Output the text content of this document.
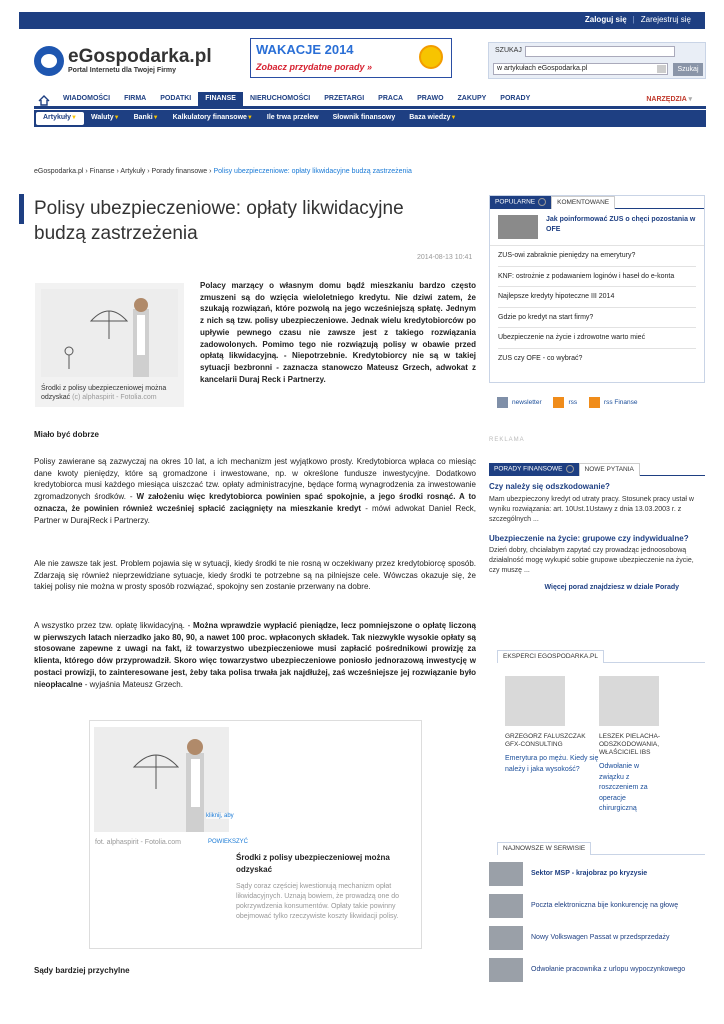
Zaloguj się | Zarejestruj się
eGospodarka.pl
Portal Internetu dla Twojej Firmy
WAKACJE 2014
Zobacz przydatne porady »
SZUKAJ
w artykułach eGospodarka.pl	Szukaj
WIADOMOŚCI	FIRMA	PODATKI	FINANSE	NIERUCHOMOŚCI	PRZETARGI	PRACA	PRAWO	ZAKUPY	PORADY	NARZĘDZIA ▾
Artykuły▼	Waluty▼	Banki▼	Kalkulatory finansowe▼	Ile trwa przelew	Słownik finansowy	Baza wiedzy▼
eGospodarka.pl › Finanse › Artykuły › Porady finansowe › Polisy ubezpieczeniowe: opłaty likwidacyjne budzą zastrzeżenia
Polisy ubezpieczeniowe: opłaty likwidacyjne budzą zastrzeżenia
2014-08-13 10:41
Środki z polisy ubezpieczeniowej można odzyskać (c) alphaspirit - Fotolia.com
Polacy marzący o własnym domu bądź mieszkaniu bardzo często zmuszeni są do wzięcia wieloletniego kredytu. Nie dziwi zatem, że szukają rozwiązań, które pozwolą na jego wcześniejszą spłatę. Jednym z nich są tzw. polisy ubezpieczeniowe. Jednak wielu kredytobiorców po upływie pewnego czasu nie zawsze jest z takiego rozwiązania zadowolonych. Pomimo tego nie rozwiązują polisy w obawie przed opłatą likwidacyjną. - Niepotrzebnie. Kredytobiorcy nie są w takiej sytuacji bezbronni - zaznacza stanowczo Mateusz Grzech, adwokat z kancelarii Duraj Reck i Partnerzy.
Miało być dobrze
Polisy zawierane są zazwyczaj na okres 10 lat, a ich mechanizm jest wyjątkowo prosty. Kredytobiorca wpłaca co miesiąc dane kwoty pieniędzy, które są gromadzone i inwestowane, np. w określone fundusze inwestycyjne. Dodatkowo kredytobiorca musi każdego miesiąca uiszczać tzw. opłaty administracyjne, będące formą wynagrodzenia za inwestowanie zgromadzonych środków. - W założeniu więc kredytobiorca powinien spać spokojnie, a jego środki rosnąć. A to oznacza, że powinien również wcześniej spłacić zaciągnięty na mieszkanie kredyt - mówi adwokat Daniel Reck, Partner w DurajReck i Partnerzy.
Ale nie zawsze tak jest. Problem pojawia się w sytuacji, kiedy środki te nie rosną w oczekiwany przez kredytobiorcę sposób. Zdarzają się również nieprzewidziane sytuacje, kiedy środki te potrzebne są na pilniejsze cele. Wówczas okazuje się, że takiej polisy nie można w prosty sposób rozwiązać, spokojny sen zostanie przerwany na dobre.
A wszystko przez tzw. opłatę likwidacyjną. - Można wprawdzie wypłacić pieniądze, lecz pomniejszone o opłatę liczoną w pierwszych latach nierzadko jako 80, 90, a nawet 100 proc. wpłaconych składek. Tak niezwykle wysokie opłaty są stosowane zapewne z uwagi na fakt, iż towarzystwo ubezpieczeniowe musi zapłacić pośrednikowi prowizję za klienta, którego dów przyprowadził. Skoro więc towarzystwo ubezpieczeniowe poniosło jednorazową inwestycję w postaci prowizji, to zainteresowane jest, żeby taka polisa trwała jak najdłużej, zaś wcześniejsze jej rozwiązanie było nieopłacalne - wyjaśnia Mateusz Grzech.
kliknij, aby
fot. alphaspirit - Fotolia.com	POWIEKSZYĆ
Środki z polisy ubezpieczeniowej można odzyskać
Sądy coraz częściej kwestionują mechanizm opłat likwidacyjnych. Uznają bowiem, że prowadzą one do pokrzywdzenia konsumentów. Opłaty takie powinny obejmować tylko rzeczywiste koszty likwidacji polisy.
Sądy bardziej przychylne
POPULARNE	KOMENTOWANE
Jak poinformować ZUS o chęci pozostania w OFE
ZUS-owi zabraknie pieniędzy na emerytury?
KNF: ostrożnie z podawaniem loginów i haseł do e-konta
Najlepsze kredyty hipoteczne III 2014
Gdzie po kredyt na start firmy?
Ubezpieczenie na życie i zdrowotne warto mieć
ZUS czy OFE - co wybrać?
newsletter	rss	rss Finanse
REKLAMA
PORADY FINANSOWE	NOWE PYTANIA
Czy należy się odszkodowanie?
Mam ubezpieczony kredyt od utraty pracy. Stosunek pracy ustał w wyniku rozwiązania: art. 10Ust.1Ustawy z dnia 13.03.2003 r. z szczególnych ...
Ubezpieczenie na życie: grupowe czy indywidualne?
Dzień dobry, chciałabym zapytać czy prowadząc jednoosobową działalność mogę wykupić sobie grupowe ubezpieczenie na życie, czy muszę ...
Więcej porad znajdziesz w dziale Porady
EKSPERCI EGOSPODARKA.PL
GRZEGORZ FALUSZCZAK GFX-CONSULTING
Emerytura po mężu. Kiedy się należy i jaka wysokość?
LESZEK PIELACHA-ODSZKODOWANIA, WŁAŚCICIEL IBS
Odwołanie w związku z roszczeniem za operacje chirurgiczną
NAJNOWSZE W SERWISIE
Sektor MSP - krajobraz po kryzysie
Poczta elektroniczna bije konkurencję na głowę
Nowy Volkswagen Passat w przedsprzedaży
Odwołanie pracownika z urlopu wypoczynkowego
